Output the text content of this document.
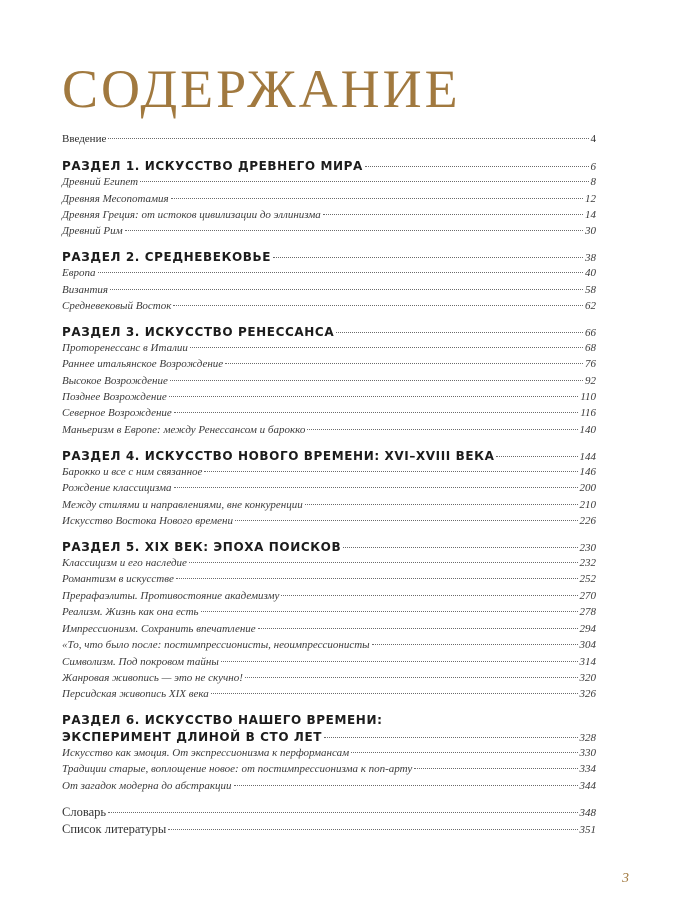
СОДЕРЖАНИЕ
Введение	4
РАЗДЕЛ 1. ИСКУССТВО ДРЕВНЕГО МИРА	6
Древний Египет	8
Древняя Месопотамия	12
Древняя Греция: от истоков цивилизации до эллинизма	14
Древний Рим	30
РАЗДЕЛ 2. СРЕДНЕВЕКОВЬЕ	38
Европа	40
Византия	58
Средневековый Восток	62
РАЗДЕЛ 3. ИСКУССТВО РЕНЕССАНСА	66
Проторенессанс в Италии	68
Раннее итальянское Возрождение	76
Высокое Возрождение	92
Позднее Возрождение	110
Северное Возрождение	116
Маньеризм в Европе: между Ренессансом и барокко	140
РАЗДЕЛ 4. ИСКУССТВО НОВОГО ВРЕМЕНИ: XVI–XVIII ВЕКА	144
Барокко и все с ним связанное	146
Рождение классицизма	200
Между стилями и направлениями, вне конкуренции	210
Искусство Востока Нового времени	226
РАЗДЕЛ 5. XIX ВЕК: ЭПОХА ПОИСКОВ	230
Классицизм и его наследие	232
Романтизм в искусстве	252
Прерафаэлиты. Противостояние академизму	270
Реализм. Жизнь как она есть	278
Импрессионизм. Сохранить впечатление	294
«То, что было после: постимпрессионисты, неоимпрессионисты	304
Символизм. Под покровом тайны	314
Жанровая живопись — это не скучно!	320
Персидская живопись XIX века	326
РАЗДЕЛ 6. ИСКУССТВО НАШЕГО ВРЕМЕНИ:
ЭКСПЕРИМЕНТ ДЛИНОЙ В СТО ЛЕТ	328
Искусство как эмоция. От экспрессионизма к перформансам	330
Традиции старые, воплощение новое: от постимпрессионизма к поп-арту	334
От загадок модерна до абстракции	344
Словарь	348
Список литературы	351
3
